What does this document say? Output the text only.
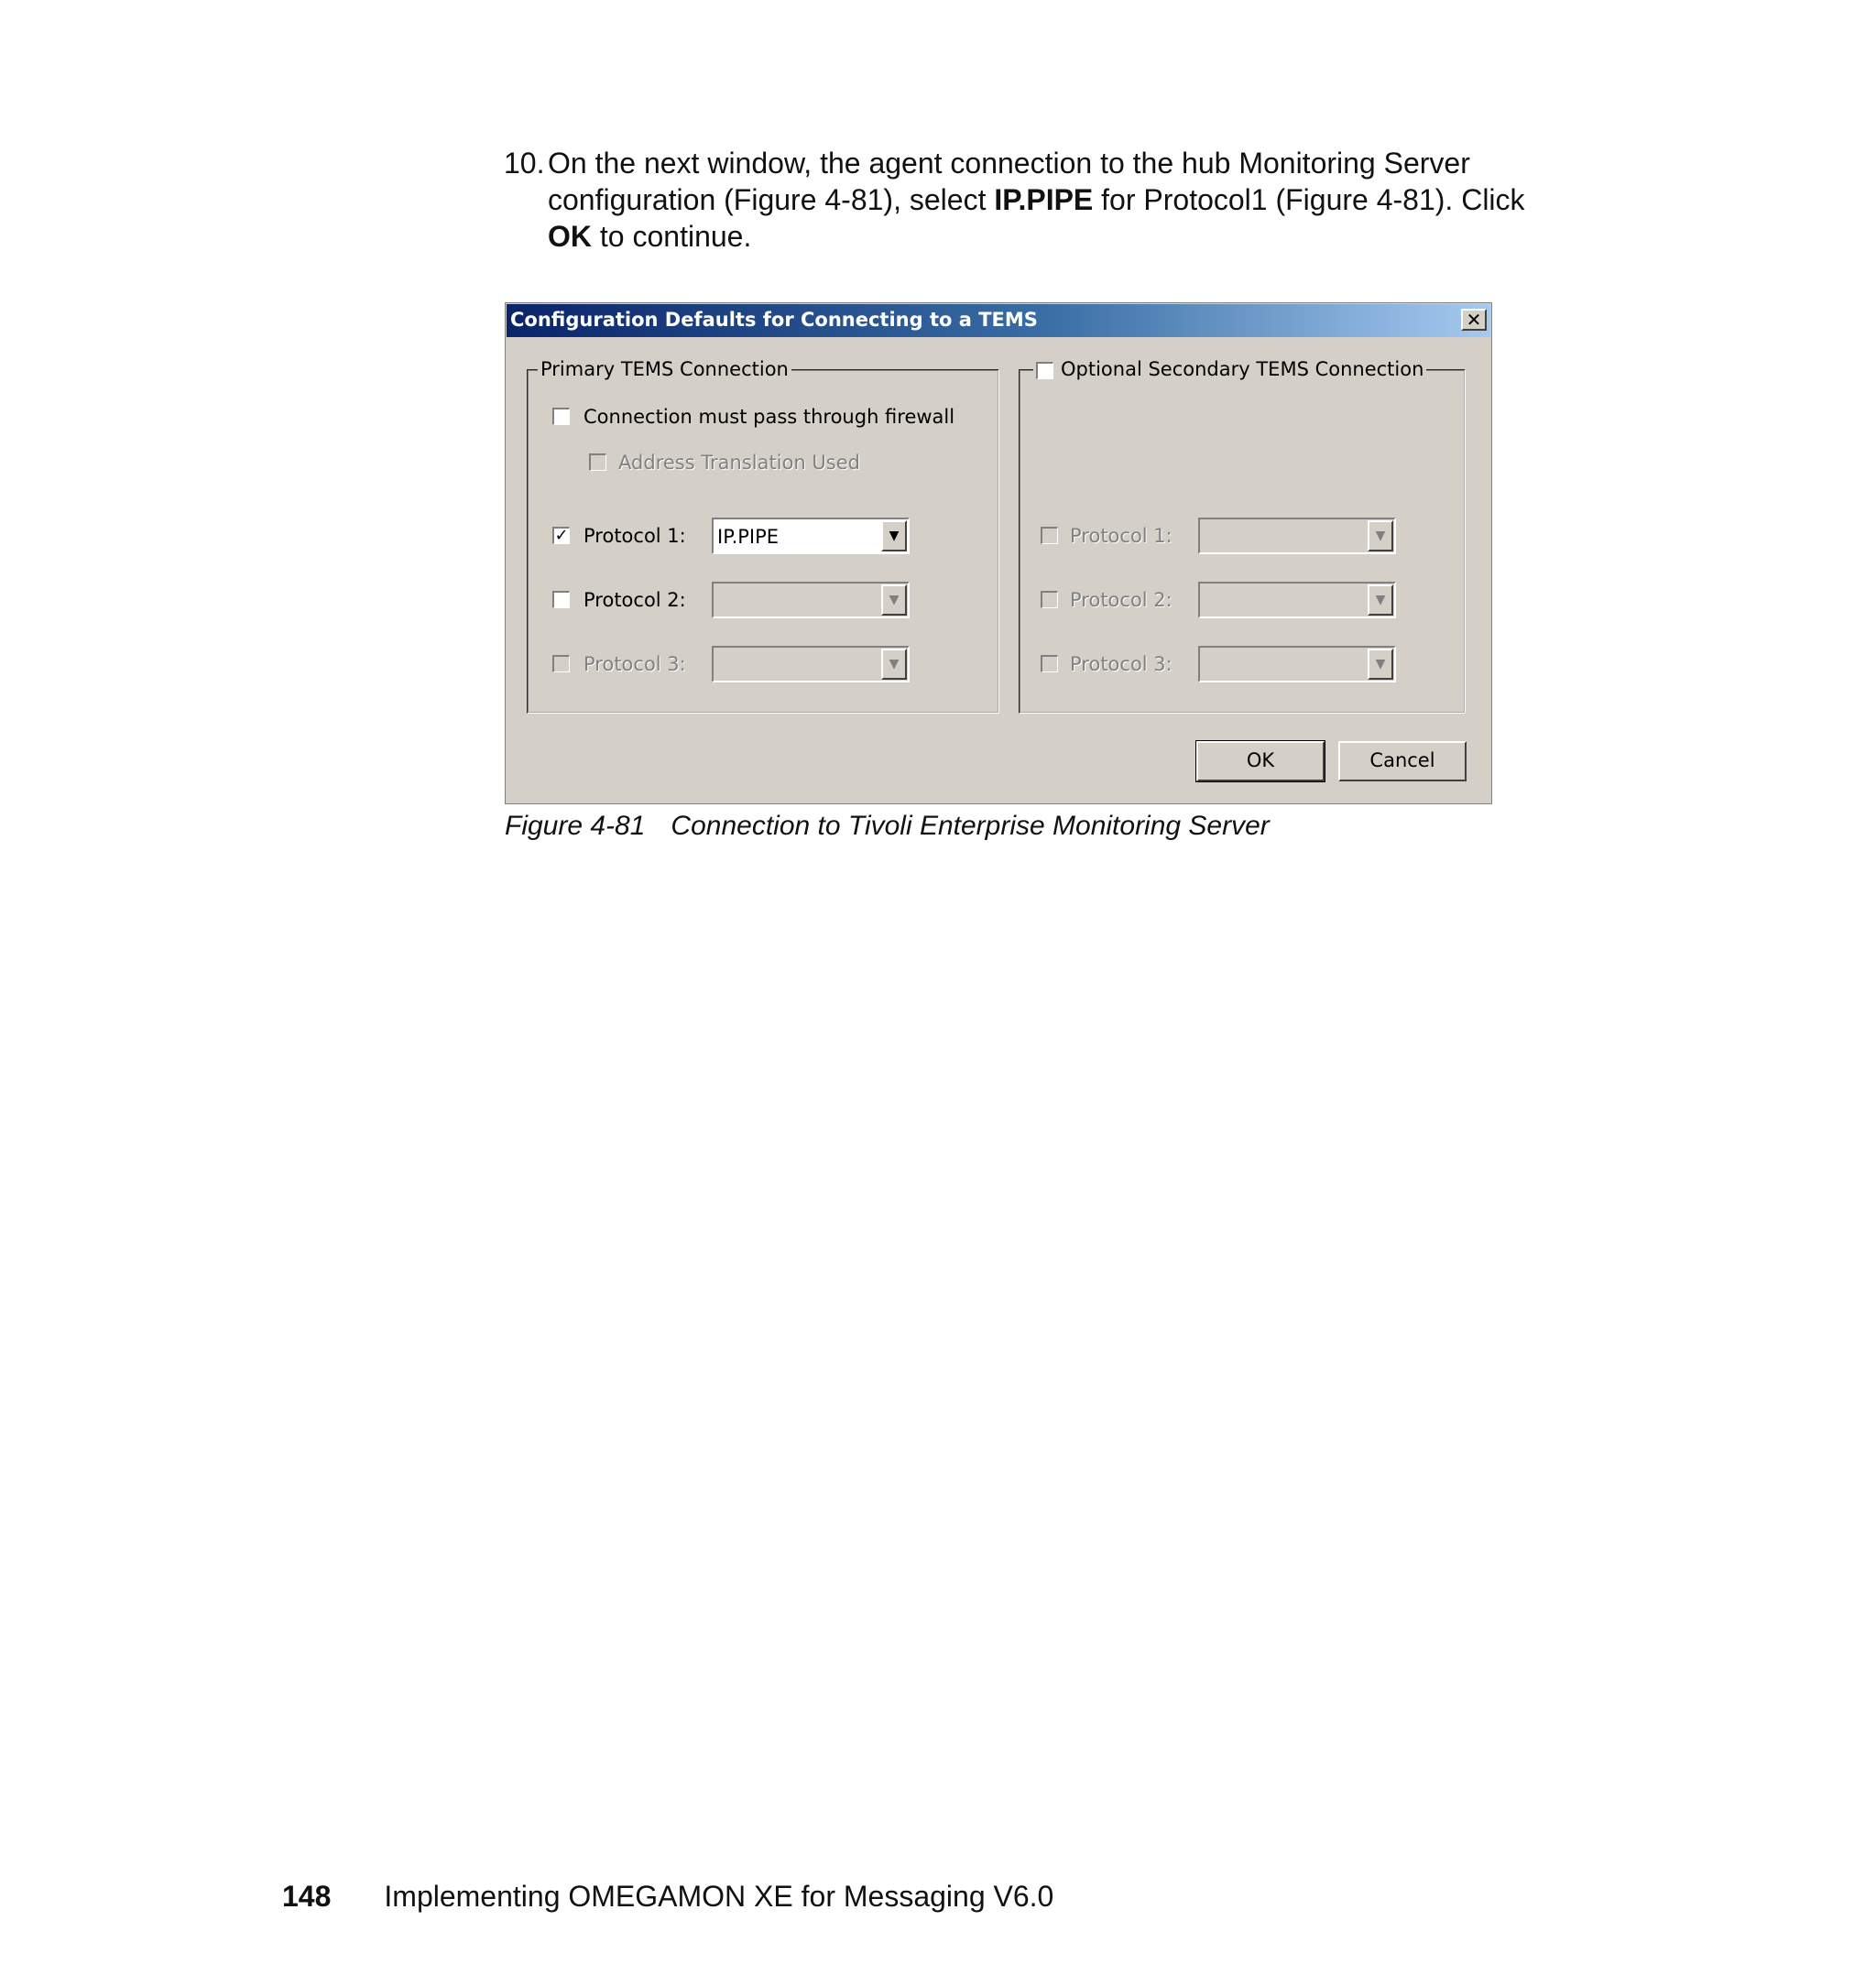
10. On the next window, the agent connection to the hub Monitoring Server
configuration (Figure 4-81), select IP.PIPE for Protocol1 (Figure 4-81). Click
OK to continue.
Configuration Defaults for Connecting to a TEMS	✕
Primary TEMS Connection
Connection must pass through firewall
Address Translation Used
✓ Protocol 1: IP.PIPE	▼
Protocol 2:	▼
Protocol 3:	▼
Optional Secondary TEMS Connection
Protocol 1:	▼
Protocol 2:	▼
Protocol 3:	▼
OK	Cancel
Figure 4-81 Connection to Tivoli Enterprise Monitoring Server
148 Implementing OMEGAMON XE for Messaging V6.0
